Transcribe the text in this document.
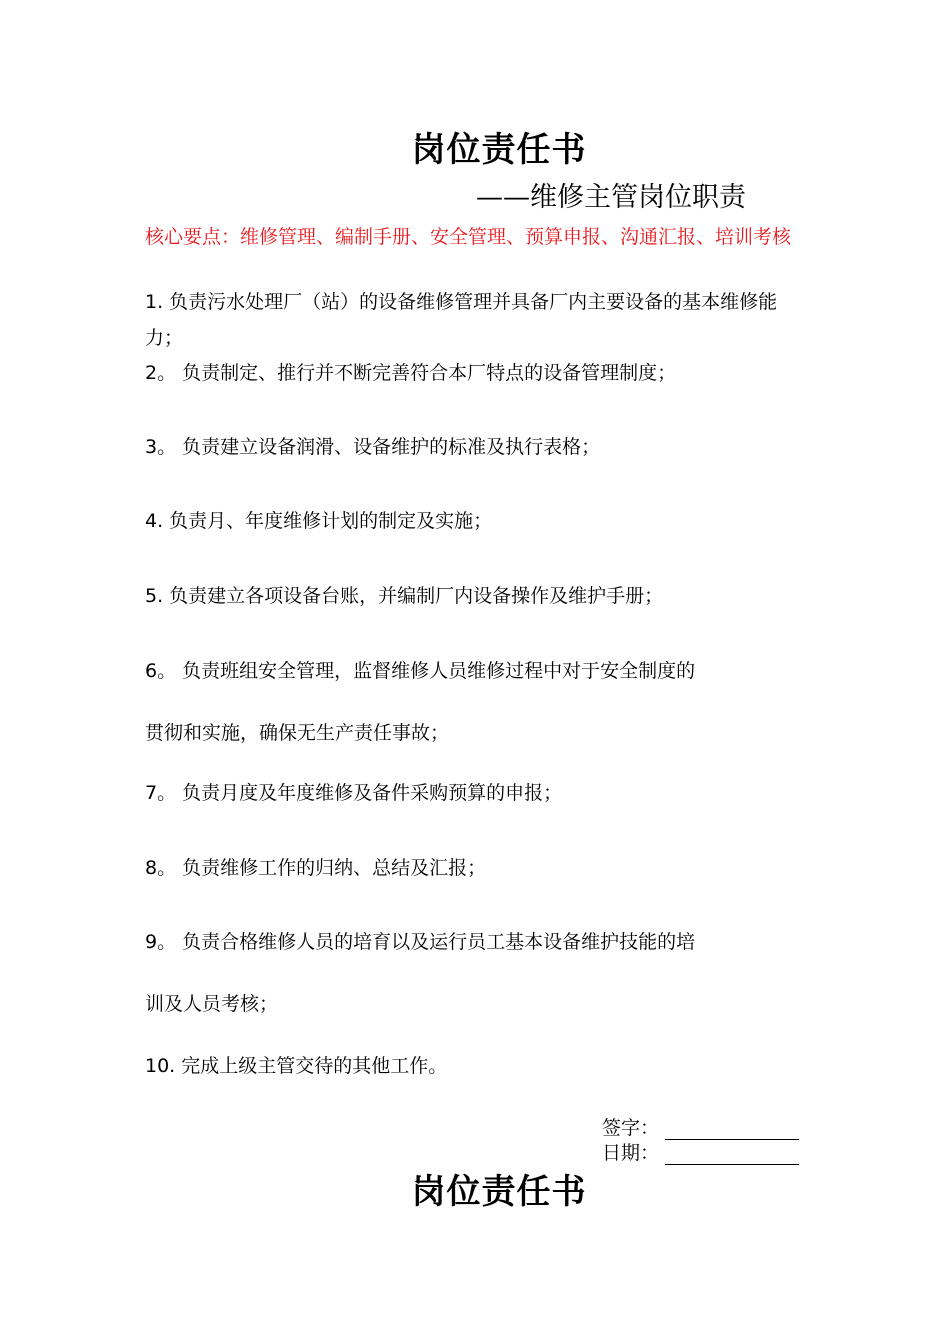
岗位责任书
——维修主管岗位职责
核心要点：维修管理、编制手册、安全管理、预算申报、沟通汇报、培训考核
1. 负责污水处理厂（站）的设备维修管理并具备厂内主要设备的基本维修能力；
2。 负责制定、推行并不断完善符合本厂特点的设备管理制度；
3。 负责建立设备润滑、设备维护的标准及执行表格；
4. 负责月、年度维修计划的制定及实施；
5. 负责建立各项设备台账，并编制厂内设备操作及维护手册；
6。 负责班组安全管理，监督维修人员维修过程中对于安全制度的
贯彻和实施，确保无生产责任事故；
7。 负责月度及年度维修及备件采购预算的申报；
8。 负责维修工作的归纳、总结及汇报；
9。 负责合格维修人员的培育以及运行员工基本设备维护技能的培
训及人员考核；
10. 完成上级主管交待的其他工作。
签字：
日期：
岗位责任书
